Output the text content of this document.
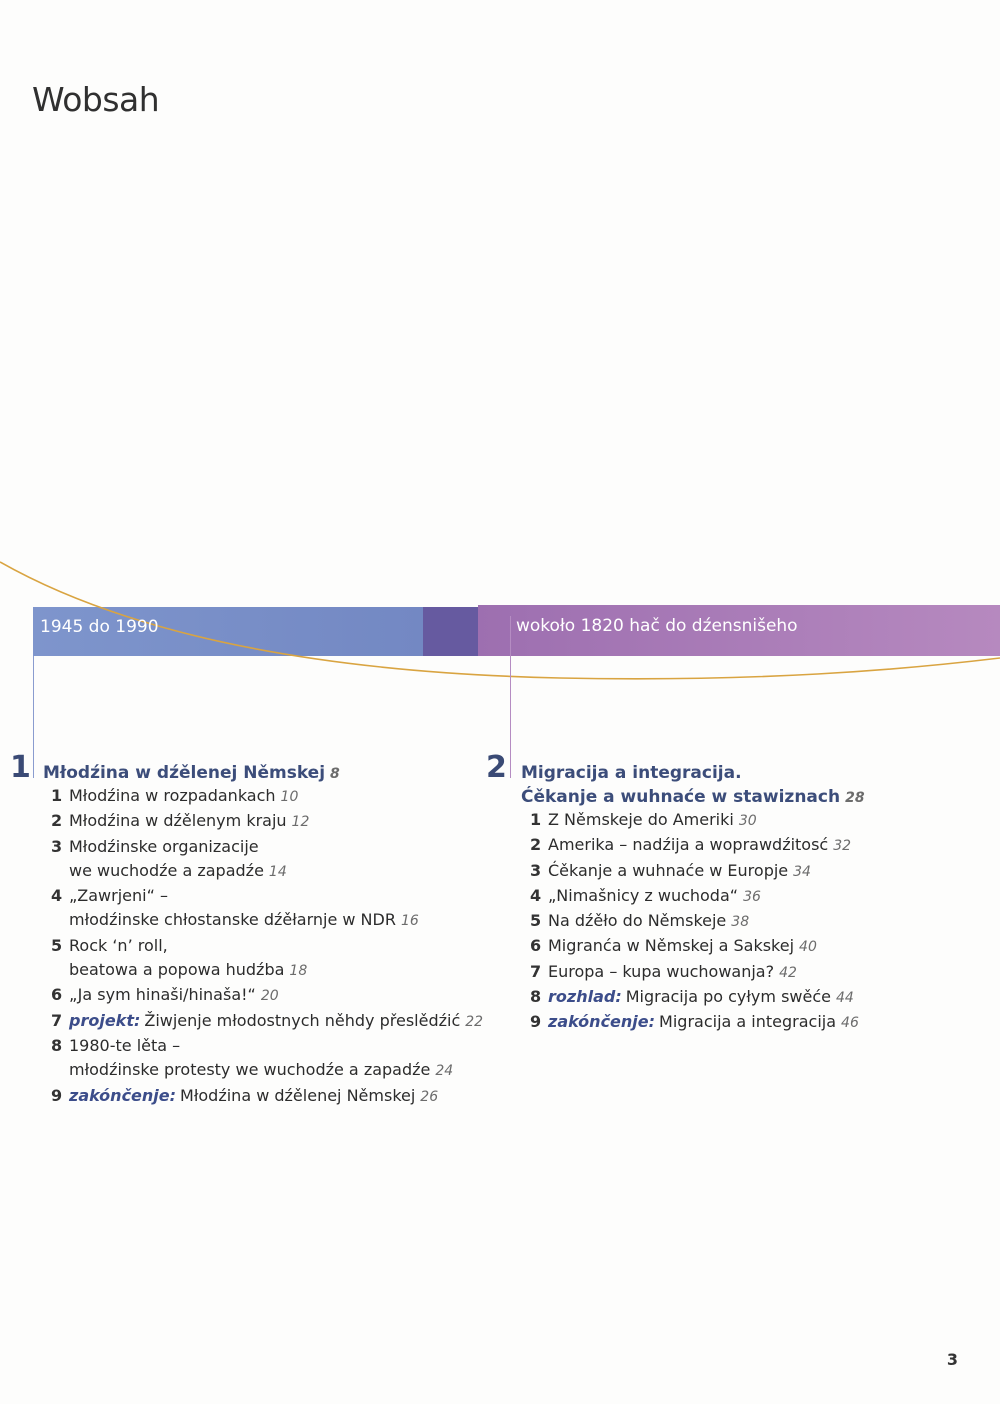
Wobsah
1945 do 1990	wokoło 1820 hač do dźensnišeho
1 Młodźina w dźělenej Němskej 8
1 Młodźina w rozpadankach 10
2 Młodźina w dźělenym kraju 12
3 Młodźinske organizacije
we wuchodźe a zapadźe 14
4 „Zawrjeni“ –
młodźinske chłostanske dźěłarnje w NDR 16
5 Rock ‘n’ roll,
beatowa a popowa hudźba 18
6 „Ja sym hinaši/hinaša!“ 20
7 projekt: Žiwjenje młodostnych něhdy přeslědźić 22
8 1980-te lěta –
młodźinske protesty we wuchodźe a zapadźe 24
9 zakónčenje: Młodźina w dźělenej Němskej 26
2 Migracija a integracija.
Ćěkanje a wuhnaće w stawiznach 28
1 Z Němskeje do Ameriki 30
2 Amerika – nadźija a woprawdźitosć 32
3 Ćěkanje a wuhnaće w Europje 34
4 „Nimašnicy z wuchoda“ 36
5 Na dźěło do Němskeje 38
6 Migranća w Němskej a Sakskej 40
7 Europa – kupa wuchowanja? 42
8 rozhlad: Migracija po cyłym swěće 44
9 zakónčenje: Migracija a integracija 46
3
